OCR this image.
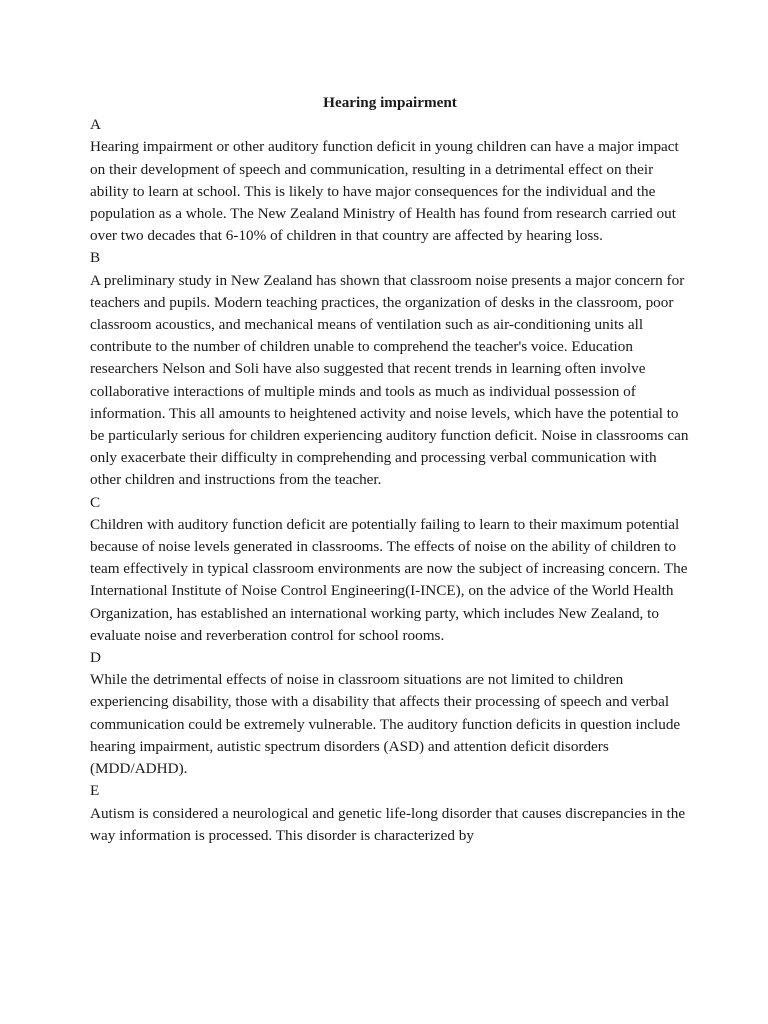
Hearing impairment

A

Hearing impairment or other auditory function deficit in young children can have a major impact on their development of speech and communication, resulting in a detrimental effect on their ability to learn at school. This is likely to have major consequences for the individual and the population as a whole. The New Zealand Ministry of Health has found from research carried out over two decades that 6-10% of children in that country are affected by hearing loss.

B

A preliminary study in New Zealand has shown that classroom noise presents a major concern for teachers and pupils. Modern teaching practices, the organization of desks in the classroom, poor classroom acoustics, and mechanical means of ventilation such as air-conditioning units all contribute to the number of children unable to comprehend the teacher's voice. Education researchers Nelson and Soli have also suggested that recent trends in learning often involve collaborative interactions of multiple minds and tools as much as individual possession of information. This all amounts to heightened activity and noise levels, which have the potential to be particularly serious for children experiencing auditory function deficit. Noise in classrooms can only exacerbate their difficulty in comprehending and processing verbal communication with other children and instructions from the teacher.

C

Children with auditory function deficit are potentially failing to learn to their maximum potential because of noise levels generated in classrooms. The effects of noise on the ability of children to team effectively in typical classroom environments are now the subject of increasing concern. The International Institute of Noise Control Engineering(I-INCE), on the advice of the World Health Organization, has established an international working party, which includes New Zealand, to evaluate noise and reverberation control for school rooms.

D

While the detrimental effects of noise in classroom situations are not limited to children experiencing disability, those with a disability that affects their processing of speech and verbal communication could be extremely vulnerable. The auditory function deficits in question include hearing impairment, autistic spectrum disorders (ASD) and attention deficit disorders (MDD/ADHD).

E

Autism is considered a neurological and genetic life-long disorder that causes discrepancies in the way information is processed. This disorder is characterized by
